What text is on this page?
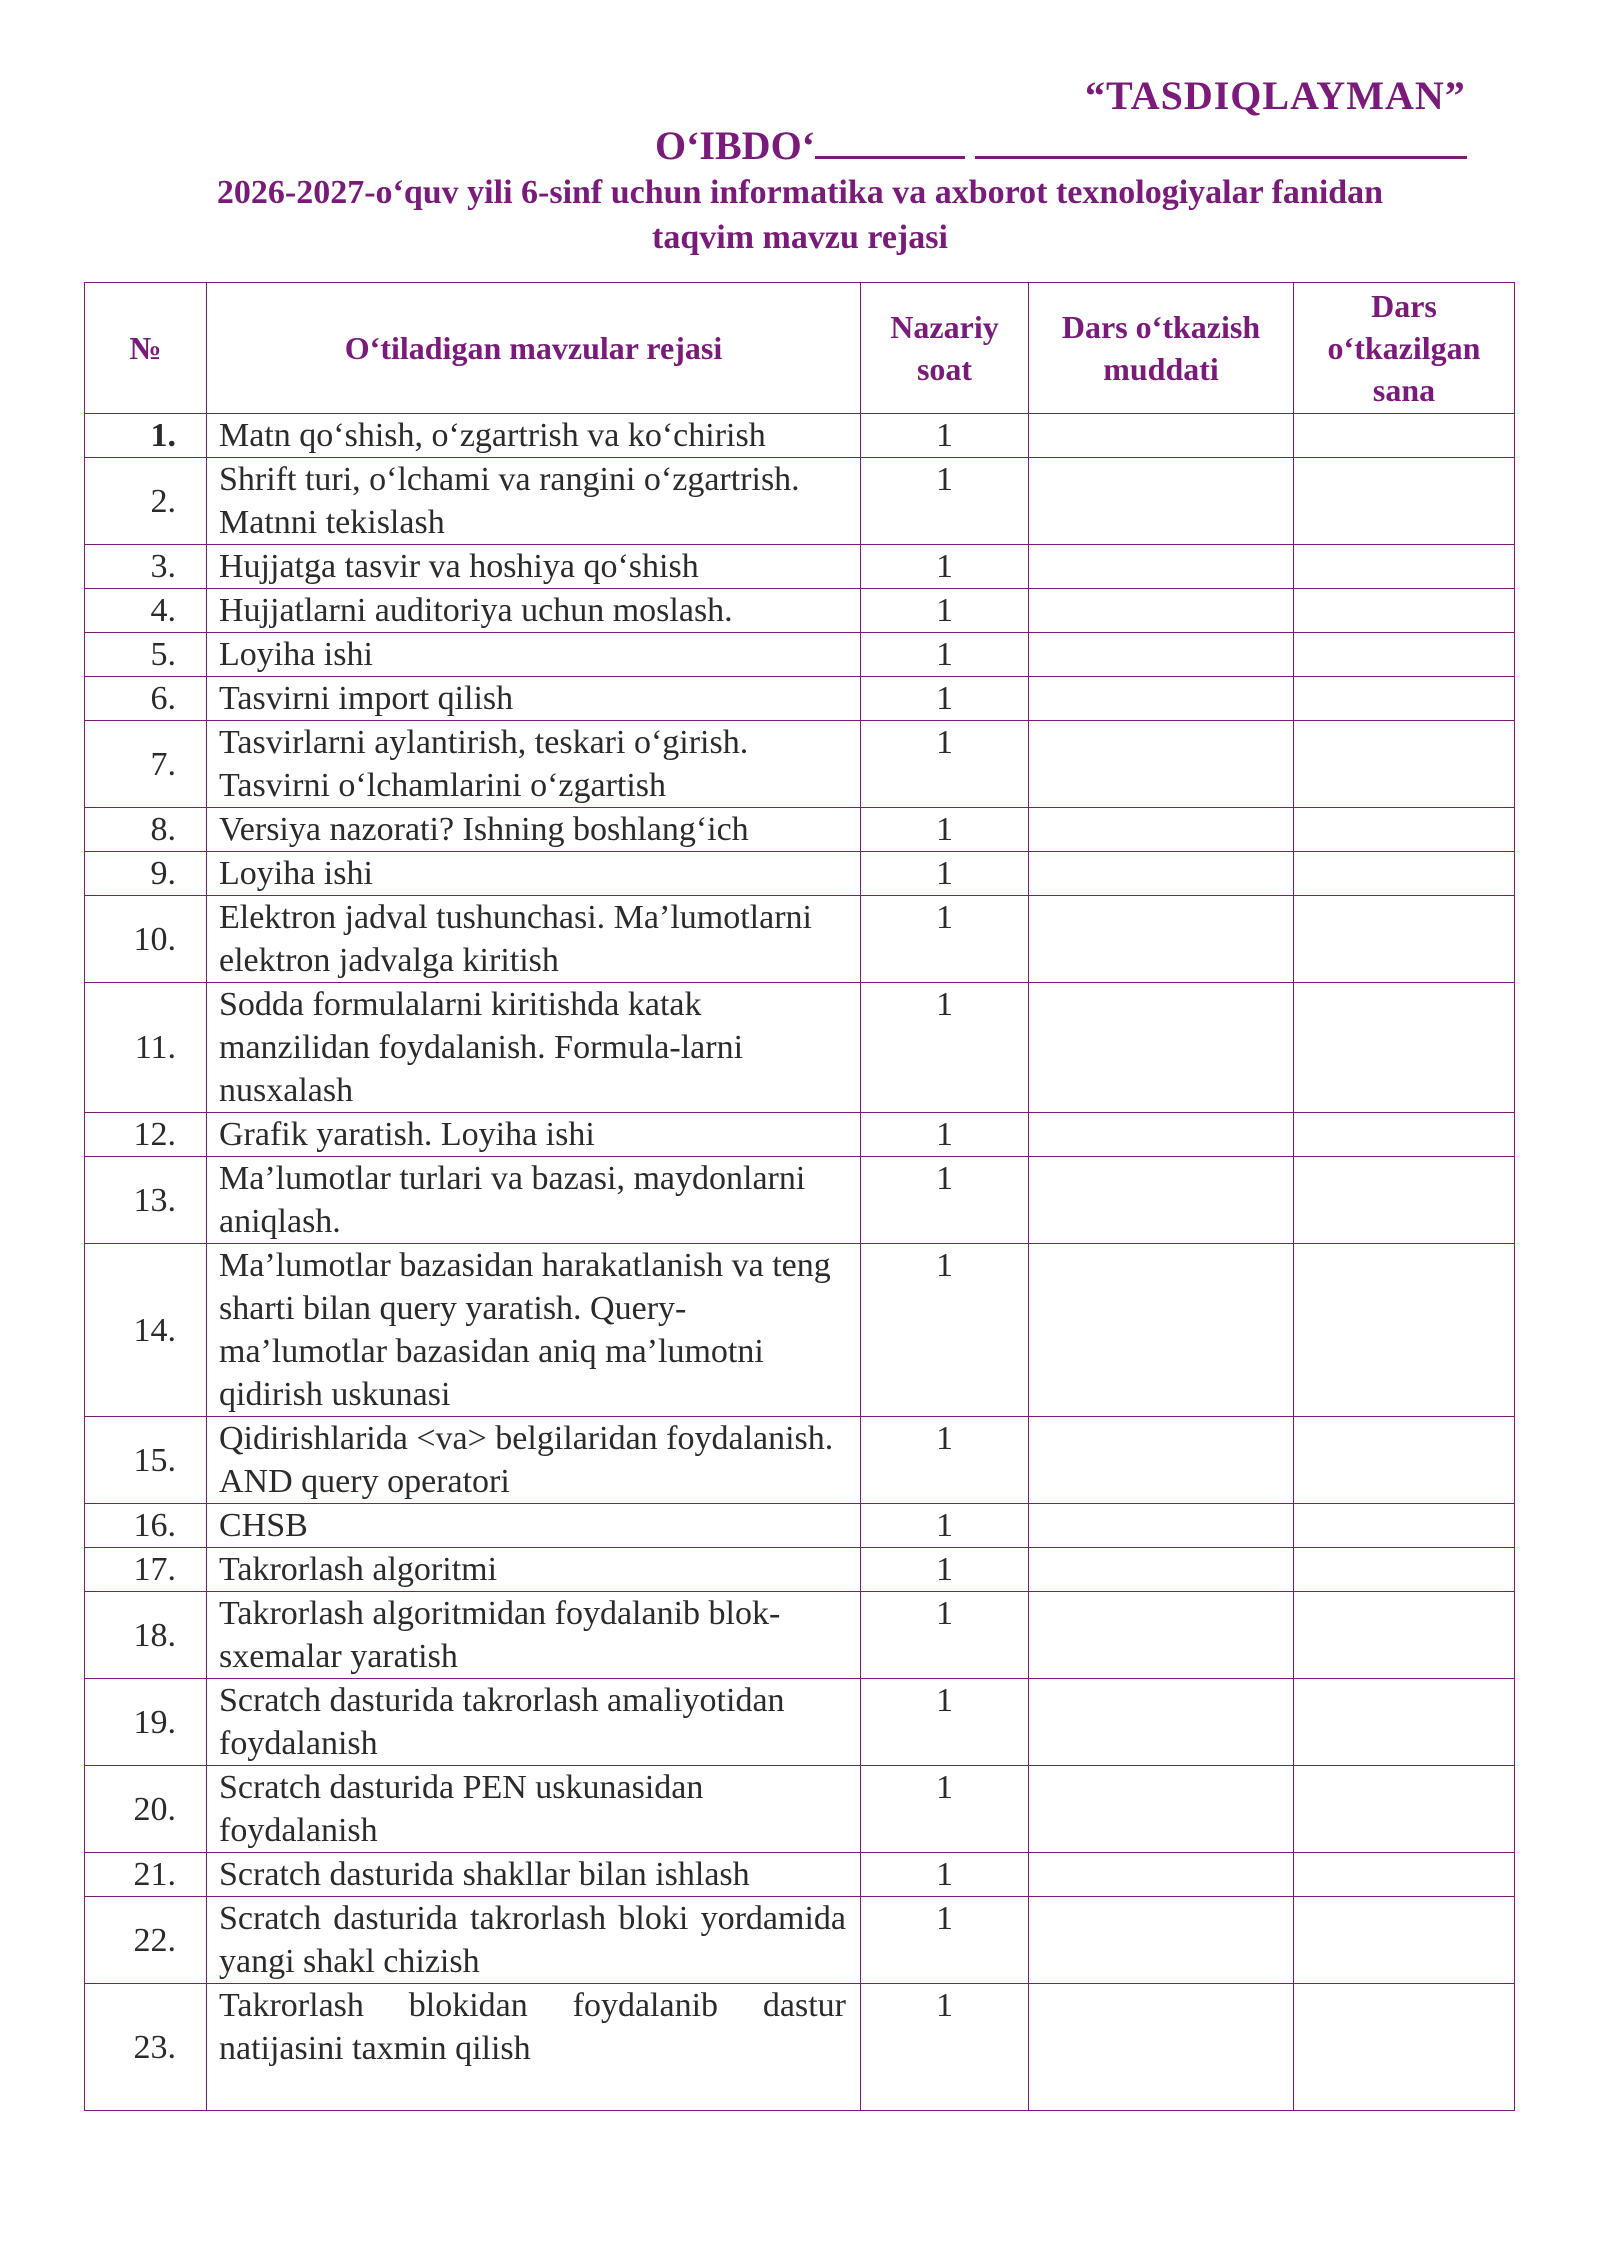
“TASDIQLAYMAN”
O‘IBDO‘
2026-2027-o‘quv yili 6-sinf uchun informatika va axborot texnologiyalar fanidan
taqvim mavzu rejasi
№	O‘tiladigan mavzular rejasi	Nazariy soat	Dars o‘tkazish muddati	Dars o‘tkazilgan sana
1.	Matn qo‘shish, o‘zgartrish va ko‘chirish	1		
2.	Shrift turi, o‘lchami va rangini o‘zgartrish. Matnni tekislash	1		
3.	Hujjatga tasvir va hoshiya qo‘shish	1		
4.	Hujjatlarni auditoriya uchun moslash.	1		
5.	Loyiha ishi	1		
6.	Tasvirni import qilish	1		
7.	Tasvirlarni aylantirish, teskari o‘girish. Tasvirni o‘lchamlarini o‘zgartish	1		
8.	Versiya nazorati? Ishning boshlang‘ich	1		
9.	Loyiha ishi	1		
10.	Elektron jadval tushunchasi. Ma’lumotlarni elektron jadvalga kiritish	1		
11.	Sodda formulalarni kiritishda katak manzilidan foydalanish. Formula-larni nusxalash	1		
12.	Grafik yaratish. Loyiha ishi	1		
13.	Ma’lumotlar turlari va bazasi, maydonlarni aniqlash.	1		
14.	Ma’lumotlar bazasidan harakatlanish va teng sharti bilan query yaratish. Query-ma’lumotlar bazasidan aniq ma’lumotni qidirish uskunasi	1		
15.	Qidirishlarida <va> belgilaridan foydalanish. AND query operatori	1		
16.	CHSB	1		
17.	Takrorlash algoritmi	1		
18.	Takrorlash algoritmidan foydalanib blok-sxemalar yaratish	1		
19.	Scratch dasturida takrorlash amaliyotidan foydalanish	1		
20.	Scratch dasturida PEN uskunasidan foydalanish	1		
21.	Scratch dasturida shakllar bilan ishlash	1		
22.	Scratch dasturida takrorlash bloki yordamida yangi shakl chizish	1		
23.	Takrorlash blokidan foydalanib dastur natijasini taxmin qilish	1		
